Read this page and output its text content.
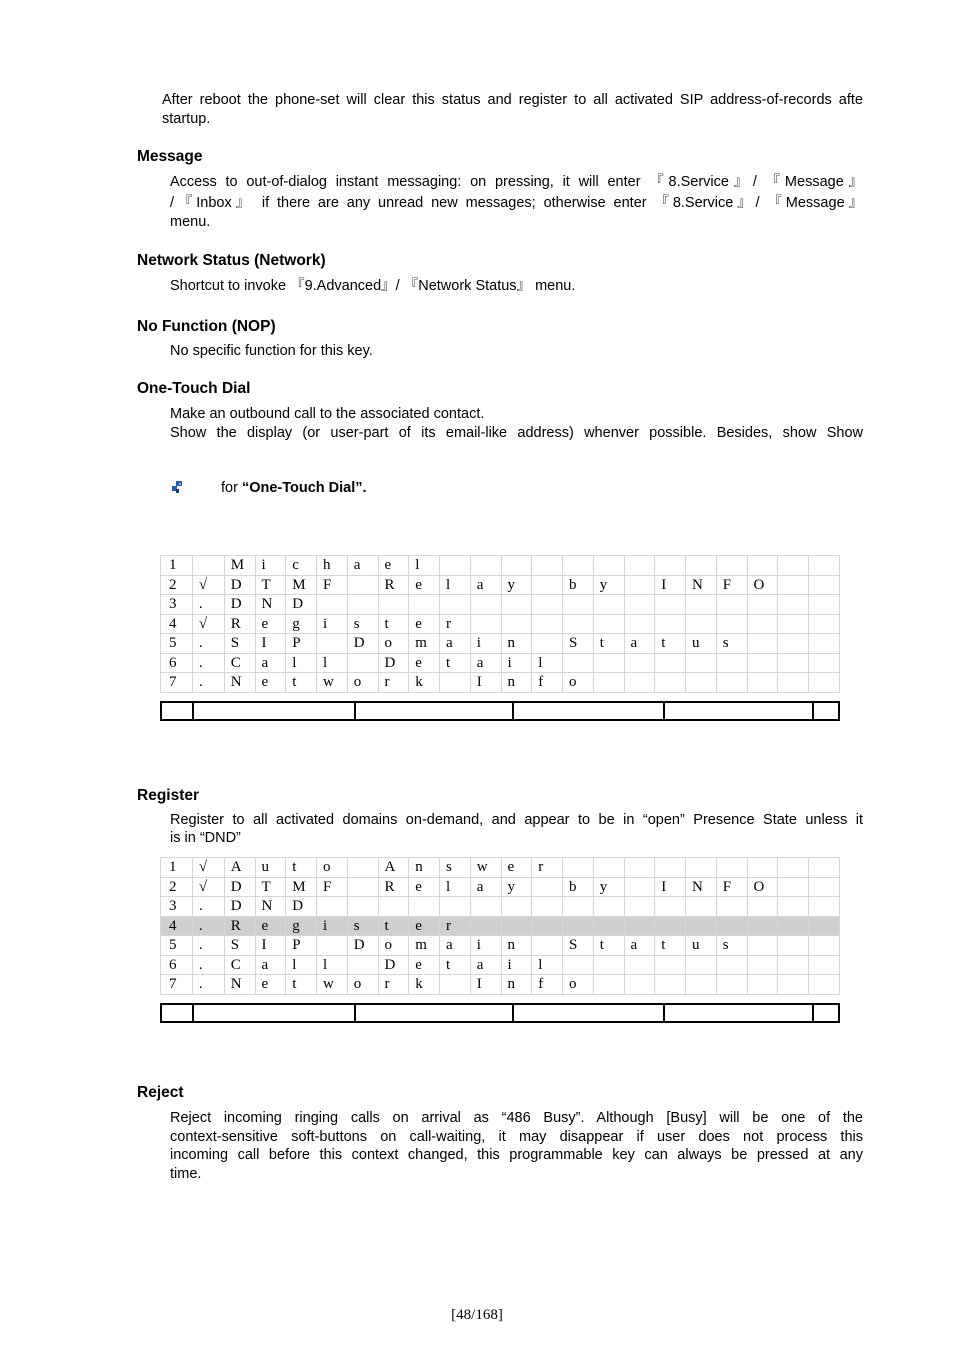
After reboot the phone-set will clear this status and register to all activated SIP address-of-records afte startup.
Message
Access to out-of-dialog instant messaging: on pressing, it will enter 『8.Service』/ 『Message』
/『Inbox』 if there are any unread new messages; otherwise enter 『8.Service』/ 『Message』
menu.
Network Status (Network)
Shortcut to invoke 『9.Advanced』/ 『Network Status』 menu.
No Function (NOP)
No specific function for this key.
One-Touch Dial
Make an outbound call to the associated contact.
Show the display (or user-part of its email-like address) whenver possible. Besides, show Show
for “One-Touch Dial”.
1		M	i	c	h	a	e	l													
2	√	D	T	M	F		R	e	l	a	y		b	y		I	N	F	O		
3	.	D	N	D																	
4	√	R	e	g	i	s	t	e	r												
5	.	S	I	P		D	o	m	a	i	n		S	t	a	t	u	s			
6	.	C	a	l	l		D	e	t	a	i	l									
7	.	N	e	t	w	o	r	k		I	n	f	o								
Register
Register to all activated domains on-demand, and appear to be in “open” Presence State unless it
is in “DND”
1	√	A	u	t	o		A	n	s	w	e	r									
2	√	D	T	M	F		R	e	l	a	y		b	y		I	N	F	O		
3	.	D	N	D																	
4	.	R	e	g	i	s	t	e	r												
5	.	S	I	P		D	o	m	a	i	n		S	t	a	t	u	s			
6	.	C	a	l	l		D	e	t	a	i	l									
7	.	N	e	t	w	o	r	k		I	n	f	o								
Reject
Reject incoming ringing calls on arrival as “486 Busy”. Although [Busy] will be one of the
context-sensitive soft-buttons on call-waiting, it may disappear if user does not process this
incoming call before this context changed, this programmable key can always be pressed at any
time.
[48/168]
